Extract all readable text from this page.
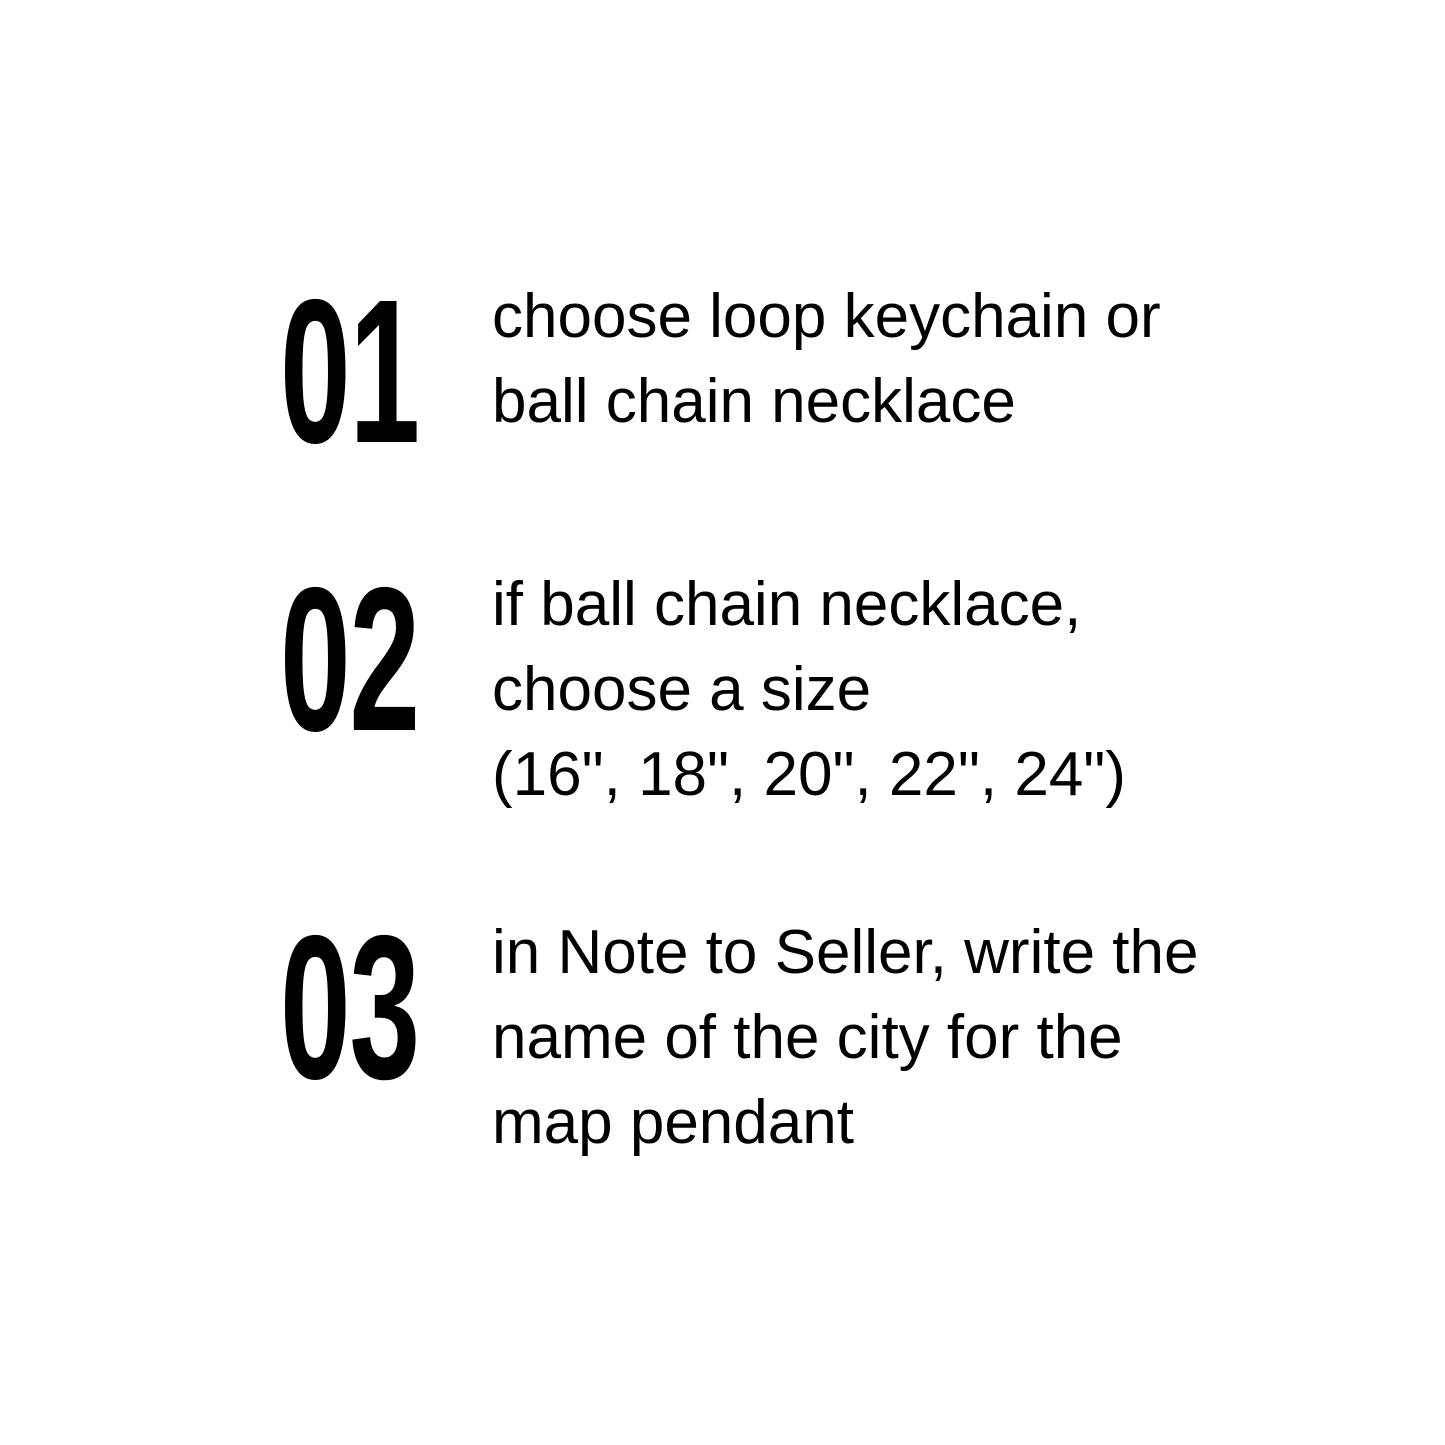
01 choose loop keychain or
ball chain necklace
02 if ball chain necklace,
choose a size
(16", 18", 20", 22", 24")
03 in Note to Seller, write the
name of the city for the
map pendant
